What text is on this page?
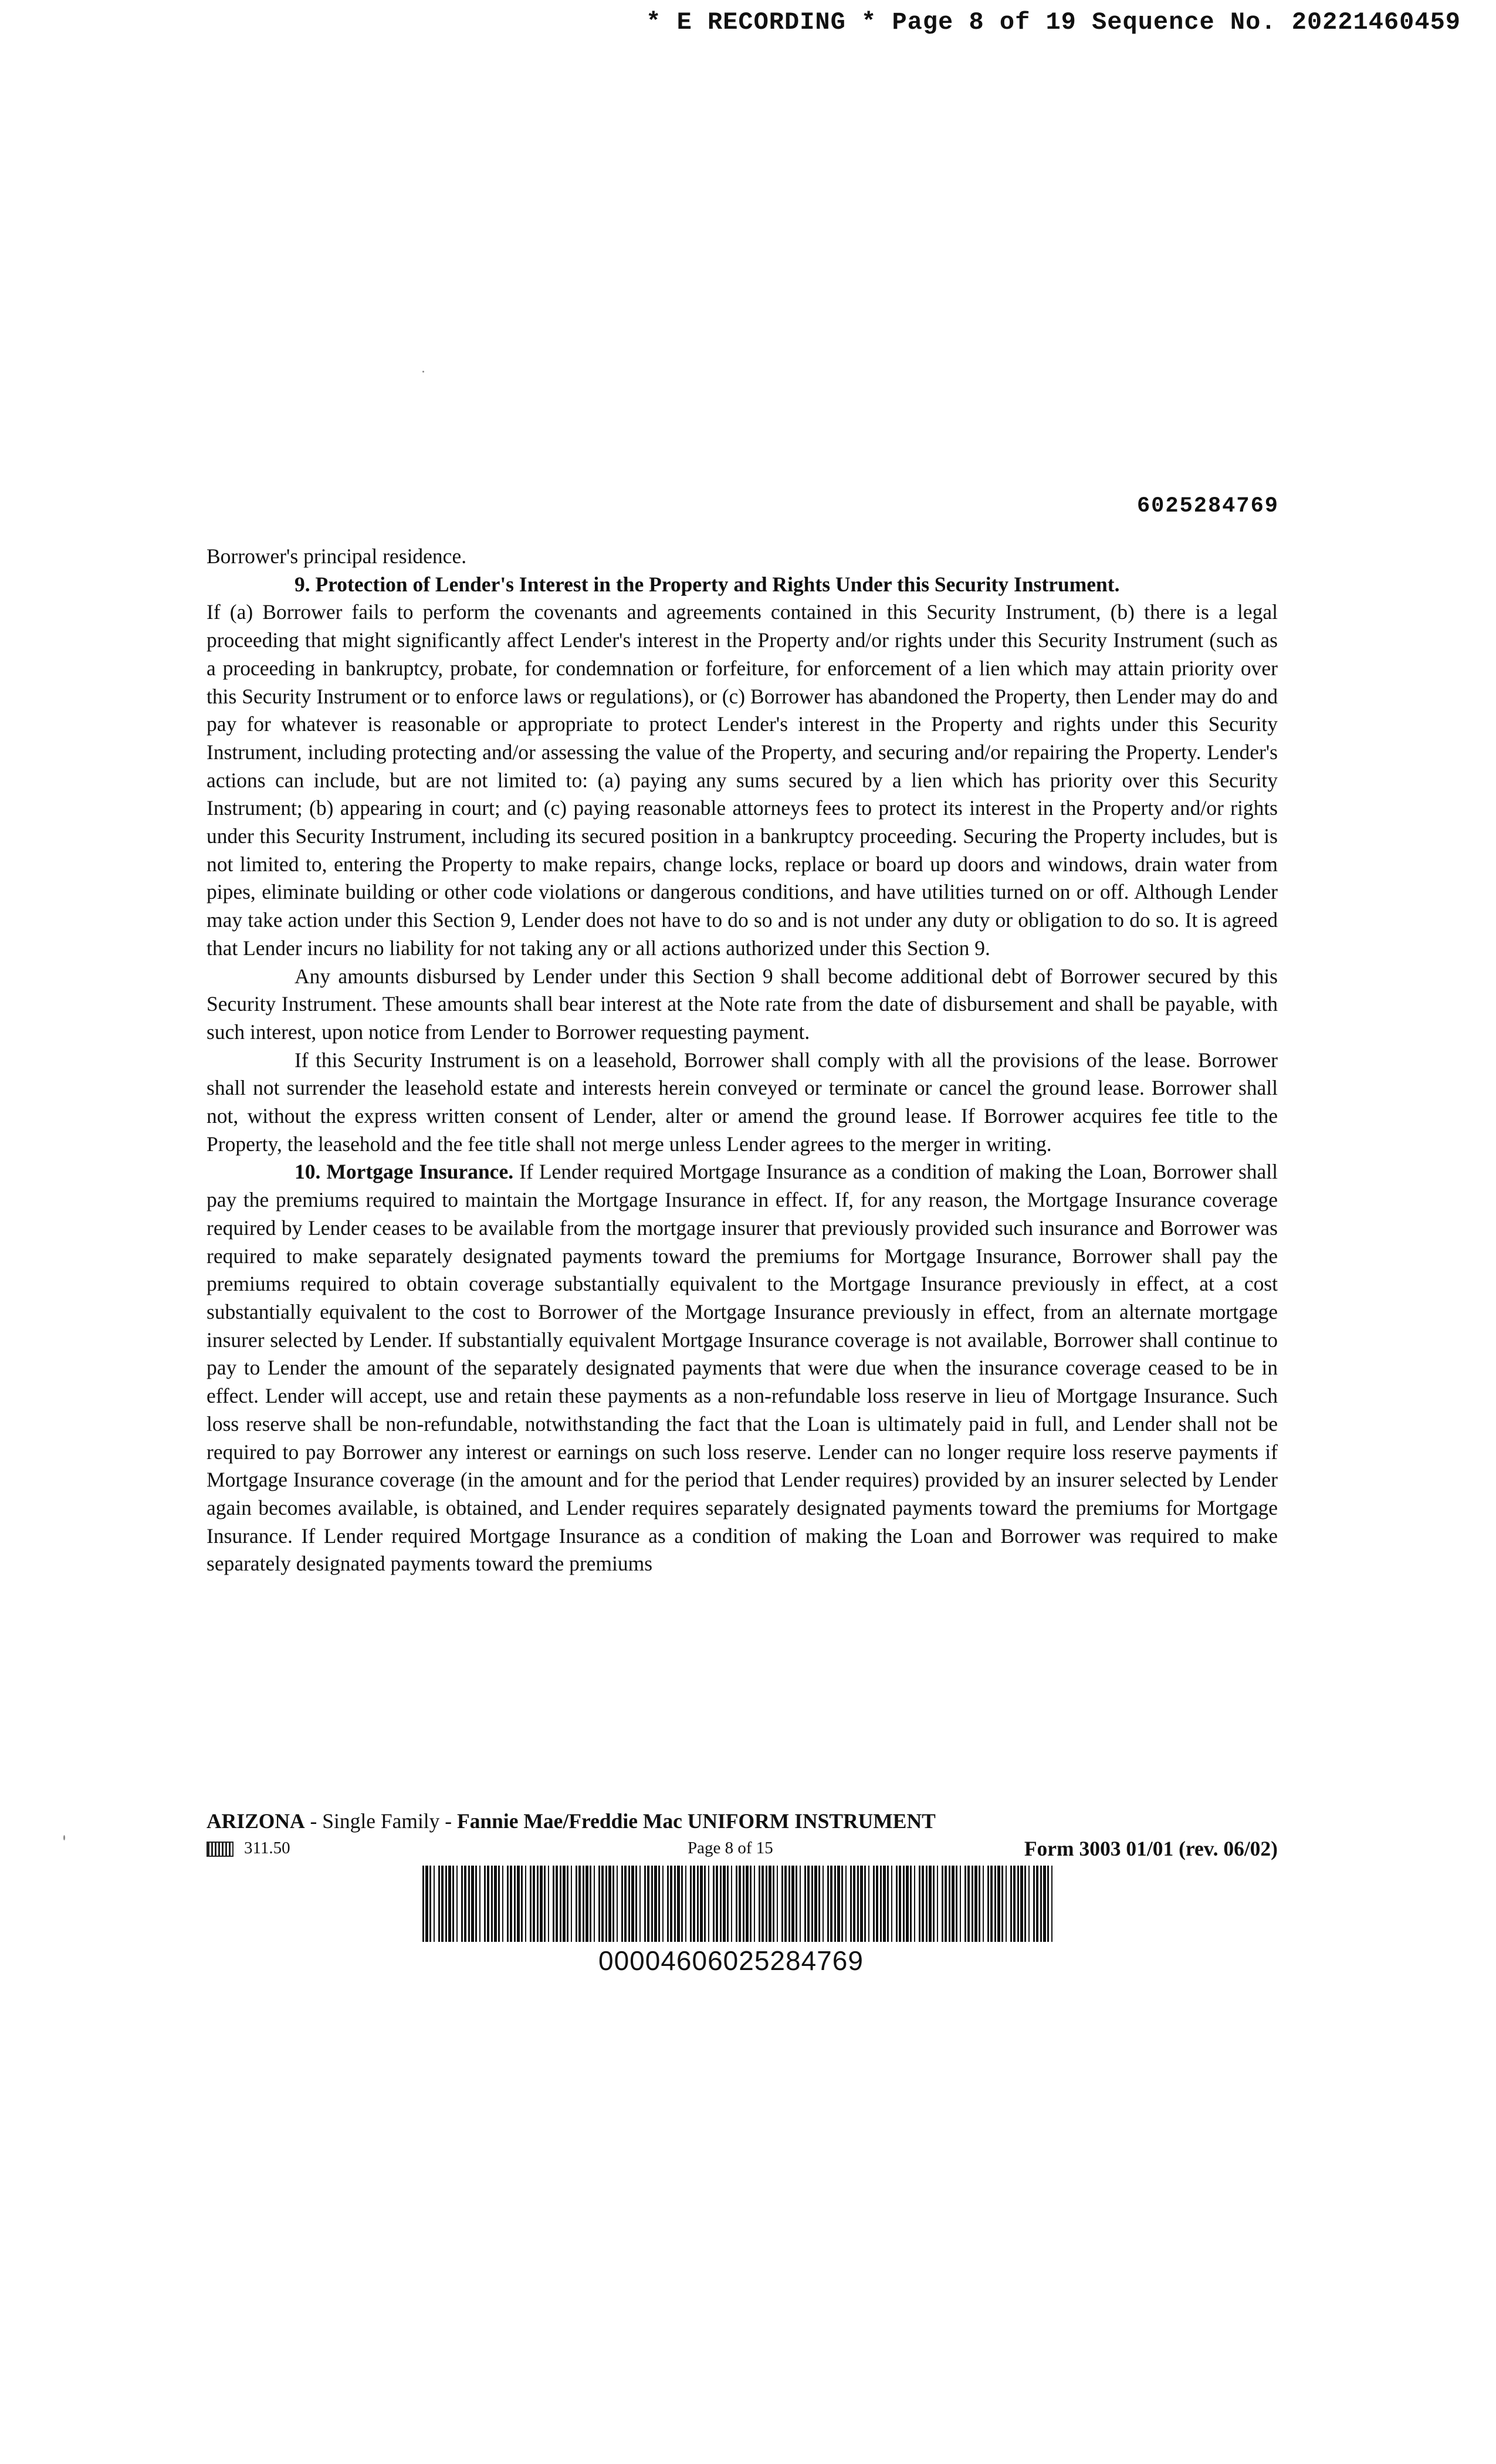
* E RECORDING * Page 8 of 19 Sequence No. 20221460459
6025284769

Borrower's principal residence.

9. Protection of Lender's Interest in the Property and Rights Under this Security Instrument.

If (a) Borrower fails to perform the covenants and agreements contained in this Security Instrument, (b) there is a legal proceeding that might significantly affect Lender's interest in the Property and/or rights under this Security Instrument (such as a proceeding in bankruptcy, probate, for condemnation or forfeiture, for enforcement of a lien which may attain priority over this Security Instrument or to enforce laws or regulations), or (c) Borrower has abandoned the Property, then Lender may do and pay for whatever is reasonable or appropriate to protect Lender's interest in the Property and rights under this Security Instrument, including protecting and/or assessing the value of the Property, and securing and/or repairing the Property. Lender's actions can include, but are not limited to: (a) paying any sums secured by a lien which has priority over this Security Instrument; (b) appearing in court; and (c) paying reasonable attorneys fees to protect its interest in the Property and/or rights under this Security Instrument, including its secured position in a bankruptcy proceeding. Securing the Property includes, but is not limited to, entering the Property to make repairs, change locks, replace or board up doors and windows, drain water from pipes, eliminate building or other code violations or dangerous conditions, and have utilities turned on or off. Although Lender may take action under this Section 9, Lender does not have to do so and is not under any duty or obligation to do so. It is agreed that Lender incurs no liability for not taking any or all actions authorized under this Section 9.

Any amounts disbursed by Lender under this Section 9 shall become additional debt of Borrower secured by this Security Instrument. These amounts shall bear interest at the Note rate from the date of disbursement and shall be payable, with such interest, upon notice from Lender to Borrower requesting payment.

If this Security Instrument is on a leasehold, Borrower shall comply with all the provisions of the lease. Borrower shall not surrender the leasehold estate and interests herein conveyed or terminate or cancel the ground lease. Borrower shall not, without the express written consent of Lender, alter or amend the ground lease. If Borrower acquires fee title to the Property, the leasehold and the fee title shall not merge unless Lender agrees to the merger in writing.

10. Mortgage Insurance. If Lender required Mortgage Insurance as a condition of making the Loan, Borrower shall pay the premiums required to maintain the Mortgage Insurance in effect. If, for any reason, the Mortgage Insurance coverage required by Lender ceases to be available from the mortgage insurer that previously provided such insurance and Borrower was required to make separately designated payments toward the premiums for Mortgage Insurance, Borrower shall pay the premiums required to obtain coverage substantially equivalent to the Mortgage Insurance previously in effect, at a cost substantially equivalent to the cost to Borrower of the Mortgage Insurance previously in effect, from an alternate mortgage insurer selected by Lender. If substantially equivalent Mortgage Insurance coverage is not available, Borrower shall continue to pay to Lender the amount of the separately designated payments that were due when the insurance coverage ceased to be in effect. Lender will accept, use and retain these payments as a non-refundable loss reserve in lieu of Mortgage Insurance. Such loss reserve shall be non-refundable, notwithstanding the fact that the Loan is ultimately paid in full, and Lender shall not be required to pay Borrower any interest or earnings on such loss reserve. Lender can no longer require loss reserve payments if Mortgage Insurance coverage (in the amount and for the period that Lender requires) provided by an insurer selected by Lender again becomes available, is obtained, and Lender requires separately designated payments toward the premiums for Mortgage Insurance. If Lender required Mortgage Insurance as a condition of making the Loan and Borrower was required to make separately designated payments toward the premiums

ARIZONA - Single Family - Fannie Mae/Freddie Mac UNIFORM INSTRUMENT
311.50	Page 8 of 15	Form 3003 01/01 (rev. 06/02)
00004606025284769
